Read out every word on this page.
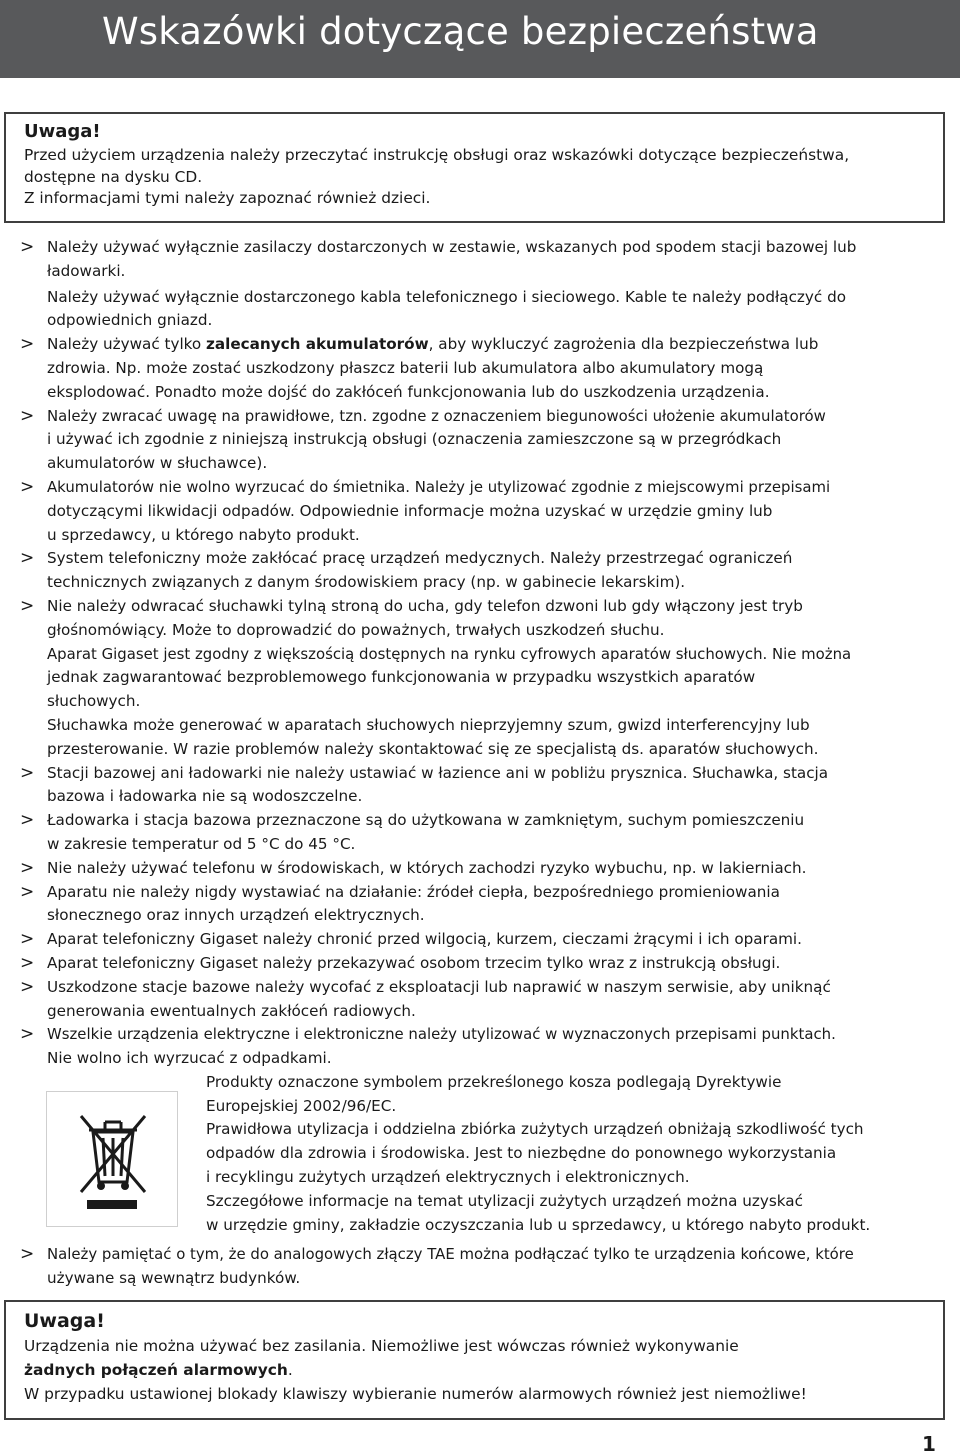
Wskazówki dotyczące bezpieczeństwa
Uwaga!
Przed użyciem urządzenia należy przeczytać instrukcję obsługi oraz wskazówki dotyczące bezpieczeństwa,
dostępne na dysku CD.
Z informacjami tymi należy zapoznać również dzieci.
> Należy używać wyłącznie zasilaczy dostarczonych w zestawie, wskazanych pod spodem stacji bazowej lub
ładowarki.
Należy używać wyłącznie dostarczonego kabla telefonicznego i sieciowego. Kable te należy podłączyć do
odpowiednich gniazd.
> Należy używać tylko zalecanych akumulatorów, aby wykluczyć zagrożenia dla bezpieczeństwa lub
zdrowia. Np. może zostać uszkodzony płaszcz baterii lub akumulatora albo akumulatory mogą
eksplodować. Ponadto może dojść do zakłóceń funkcjonowania lub do uszkodzenia urządzenia.
> Należy zwracać uwagę na prawidłowe, tzn. zgodne z oznaczeniem biegunowości ułożenie akumulatorów
i używać ich zgodnie z niniejszą instrukcją obsługi (oznaczenia zamieszczone są w przegródkach
akumulatorów w słuchawce).
> Akumulatorów nie wolno wyrzucać do śmietnika. Należy je utylizować zgodnie z miejscowymi przepisami
dotyczącymi likwidacji odpadów. Odpowiednie informacje można uzyskać w urzędzie gminy lub
u sprzedawcy, u którego nabyto produkt.
> System telefoniczny może zakłócać pracę urządzeń medycznych. Należy przestrzegać ograniczeń
technicznych związanych z danym środowiskiem pracy (np. w gabinecie lekarskim).
> Nie należy odwracać słuchawki tylną stroną do ucha, gdy telefon dzwoni lub gdy włączony jest tryb
głośnomówiący. Może to doprowadzić do poważnych, trwałych uszkodzeń słuchu.
Aparat Gigaset jest zgodny z większością dostępnych na rynku cyfrowych aparatów słuchowych. Nie można
jednak zagwarantować bezproblemowego funkcjonowania w przypadku wszystkich aparatów
słuchowych.
Słuchawka może generować w aparatach słuchowych nieprzyjemny szum, gwizd interferencyjny lub
przesterowanie. W razie problemów należy skontaktować się ze specjalistą ds. aparatów słuchowych.
> Stacji bazowej ani ładowarki nie należy ustawiać w łazience ani w pobliżu prysznica. Słuchawka, stacja
bazowa i ładowarka nie są wodoszczelne.
> Ładowarka i stacja bazowa przeznaczone są do użytkowana w zamkniętym, suchym pomieszczeniu
w zakresie temperatur od 5 °C do 45 °C.
> Nie należy używać telefonu w środowiskach, w których zachodzi ryzyko wybuchu, np. w lakierniach.
> Aparatu nie należy nigdy wystawiać na działanie: źródeł ciepła, bezpośredniego promieniowania
słonecznego oraz innych urządzeń elektrycznych.
> Aparat telefoniczny Gigaset należy chronić przed wilgocią, kurzem, cieczami żrącymi i ich oparami.
> Aparat telefoniczny Gigaset należy przekazywać osobom trzecim tylko wraz z instrukcją obsługi.
> Uszkodzone stacje bazowe należy wycofać z eksploatacji lub naprawić w naszym serwisie, aby uniknąć
generowania ewentualnych zakłóceń radiowych.
> Wszelkie urządzenia elektryczne i elektroniczne należy utylizować w wyznaczonych przepisami punktach.
Nie wolno ich wyrzucać z odpadkami.
Produkty oznaczone symbolem przekreślonego kosza podlegają Dyrektywie
Europejskiej 2002/96/EC.
Prawidłowa utylizacja i oddzielna zbiórka zużytych urządzeń obniżają szkodliwość tych
odpadów dla zdrowia i środowiska. Jest to niezbędne do ponownego wykorzystania
i recyklingu zużytych urządzeń elektrycznych i elektronicznych.
Szczegółowe informacje na temat utylizacji zużytych urządzeń można uzyskać
w urzędzie gminy, zakładzie oczyszczania lub u sprzedawcy, u którego nabyto produkt.
> Należy pamiętać o tym, że do analogowych złączy TAE można podłączać tylko te urządzenia końcowe, które
używane są wewnątrz budynków.
Uwaga!
Urządzenia nie można używać bez zasilania. Niemożliwe jest wówczas również wykonywanie
żadnych połączeń alarmowych.
W przypadku ustawionej blokady klawiszy wybieranie numerów alarmowych również jest niemożliwe!
1
